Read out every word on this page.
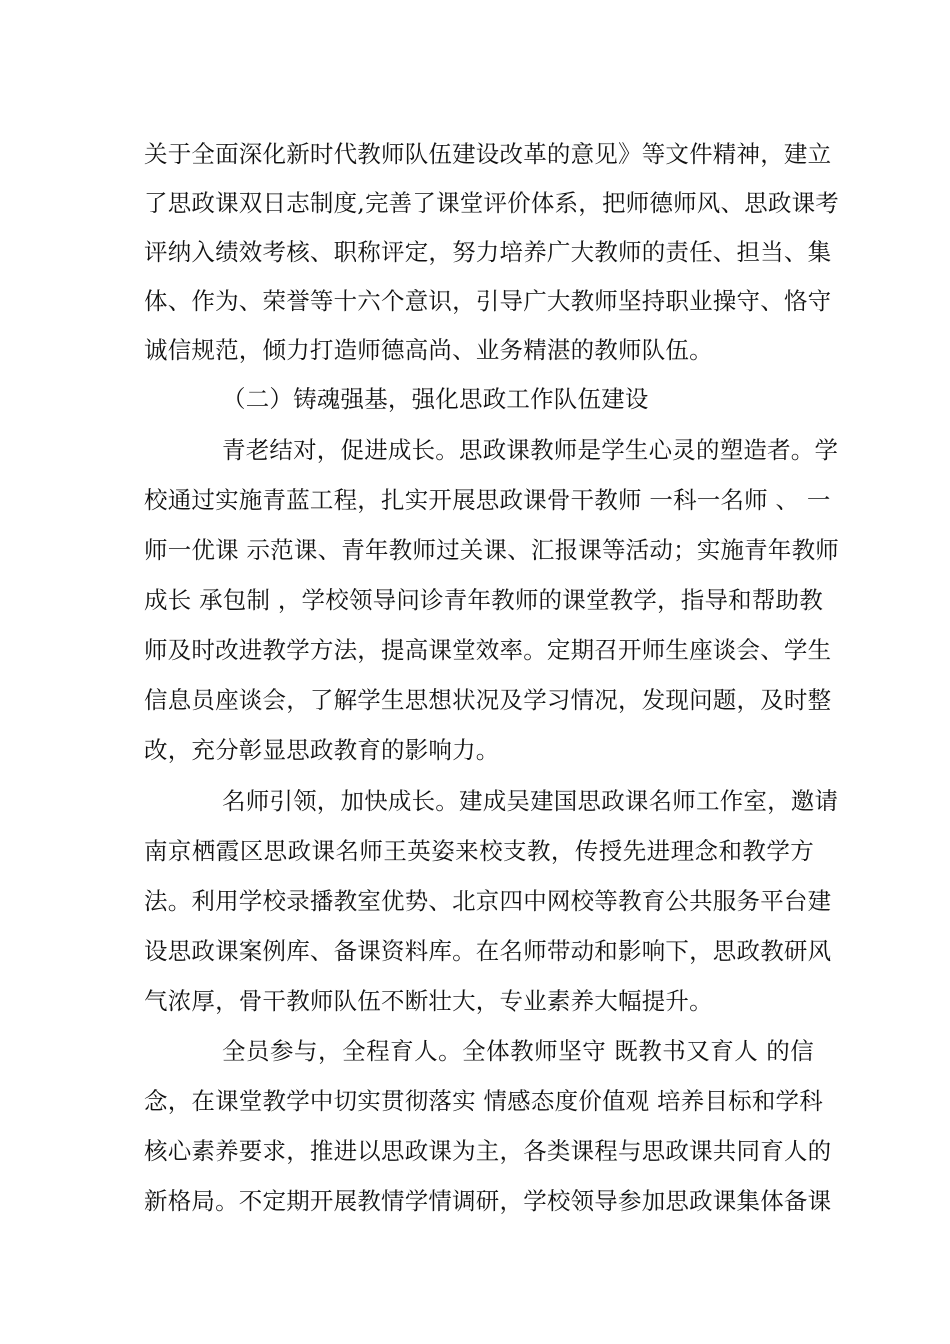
关于全面深化新时代教师队伍建设改革的意见》等文件精神，建立
了思政课双日志制度,完善了课堂评价体系，把师德师风、思政课考
评纳入绩效考核、职称评定，努力培养广大教师的责任、担当、集
体、作为、荣誉等十六个意识，引导广大教师坚持职业操守、恪守
诚信规范，倾力打造师德高尚、业务精湛的教师队伍。
（二）铸魂强基，强化思政工作队伍建设
青老结对，促进成长。思政课教师是学生心灵的塑造者。学
校通过实施青蓝工程，扎实开展思政课骨干教师 一科一名师 、 一
师一优课 示范课、青年教师过关课、汇报课等活动；实施青年教师
成长 承包制 ，学校领导问诊青年教师的课堂教学，指导和帮助教
师及时改进教学方法，提高课堂效率。定期召开师生座谈会、学生
信息员座谈会，了解学生思想状况及学习情况，发现问题，及时整
改，充分彰显思政教育的影响力。
名师引领，加快成长。建成吴建国思政课名师工作室，邀请
南京栖霞区思政课名师王英姿来校支教，传授先进理念和教学方
法。利用学校录播教室优势、北京四中网校等教育公共服务平台建
设思政课案例库、备课资料库。在名师带动和影响下，思政教研风
气浓厚，骨干教师队伍不断壮大，专业素养大幅提升。
全员参与，全程育人。全体教师坚守 既教书又育人 的信
念，在课堂教学中切实贯彻落实 情感态度价值观 培养目标和学科
核心素养要求，推进以思政课为主，各类课程与思政课共同育人的
新格局。不定期开展教情学情调研，学校领导参加思政课集体备课
